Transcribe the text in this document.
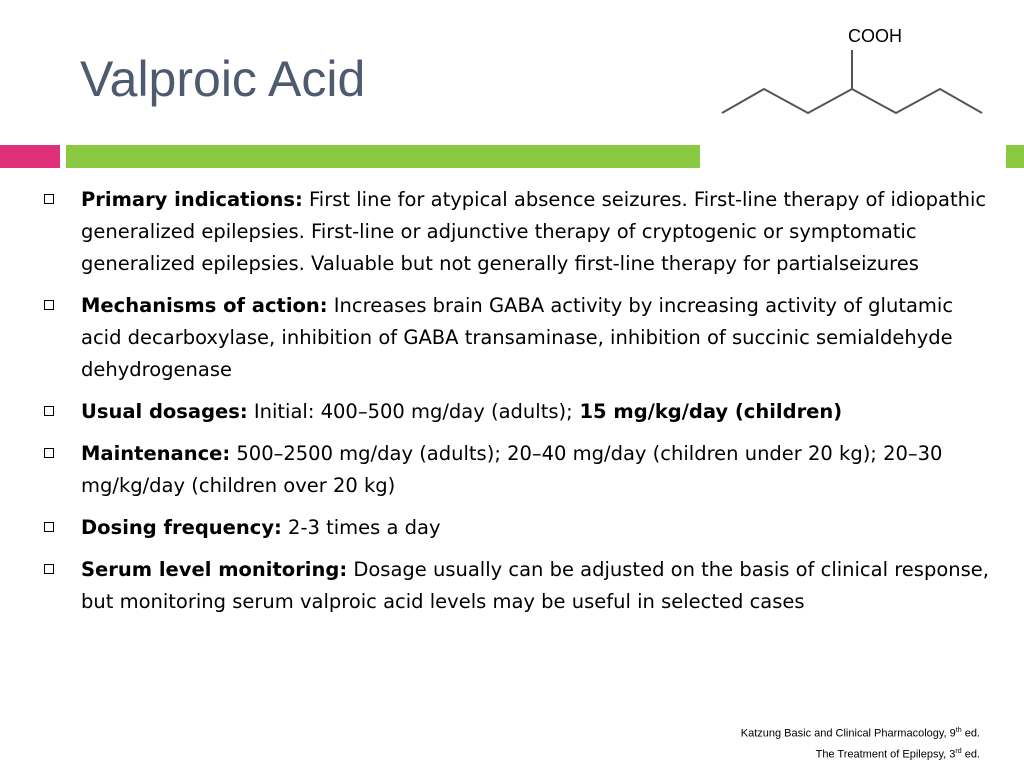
Valproic Acid
COOH
Primary indications: First line for atypical absence seizures. First-line therapy of idiopathic generalized epilepsies. First-line or adjunctive therapy of cryptogenic or symptomatic generalized epilepsies. Valuable but not generally first-line therapy for partialseizures
Mechanisms of action: Increases brain GABA activity by increasing activity of glutamic acid decarboxylase, inhibition of GABA transaminase, inhibition of succinic semialdehyde dehydrogenase
Usual dosages: Initial: 400–500 mg/day (adults); 15 mg/kg/day (children)
Maintenance: 500–2500 mg/day (adults); 20–40 mg/day (children under 20 kg); 20–30 mg/kg/day (children over 20 kg)
Dosing frequency: 2-3 times a day
Serum level monitoring: Dosage usually can be adjusted on the basis of clinical response, but monitoring serum valproic acid levels may be useful in selected cases
Katzung Basic and Clinical Pharmacology, 9th ed.
The Treatment of Epilepsy, 3rd ed.
